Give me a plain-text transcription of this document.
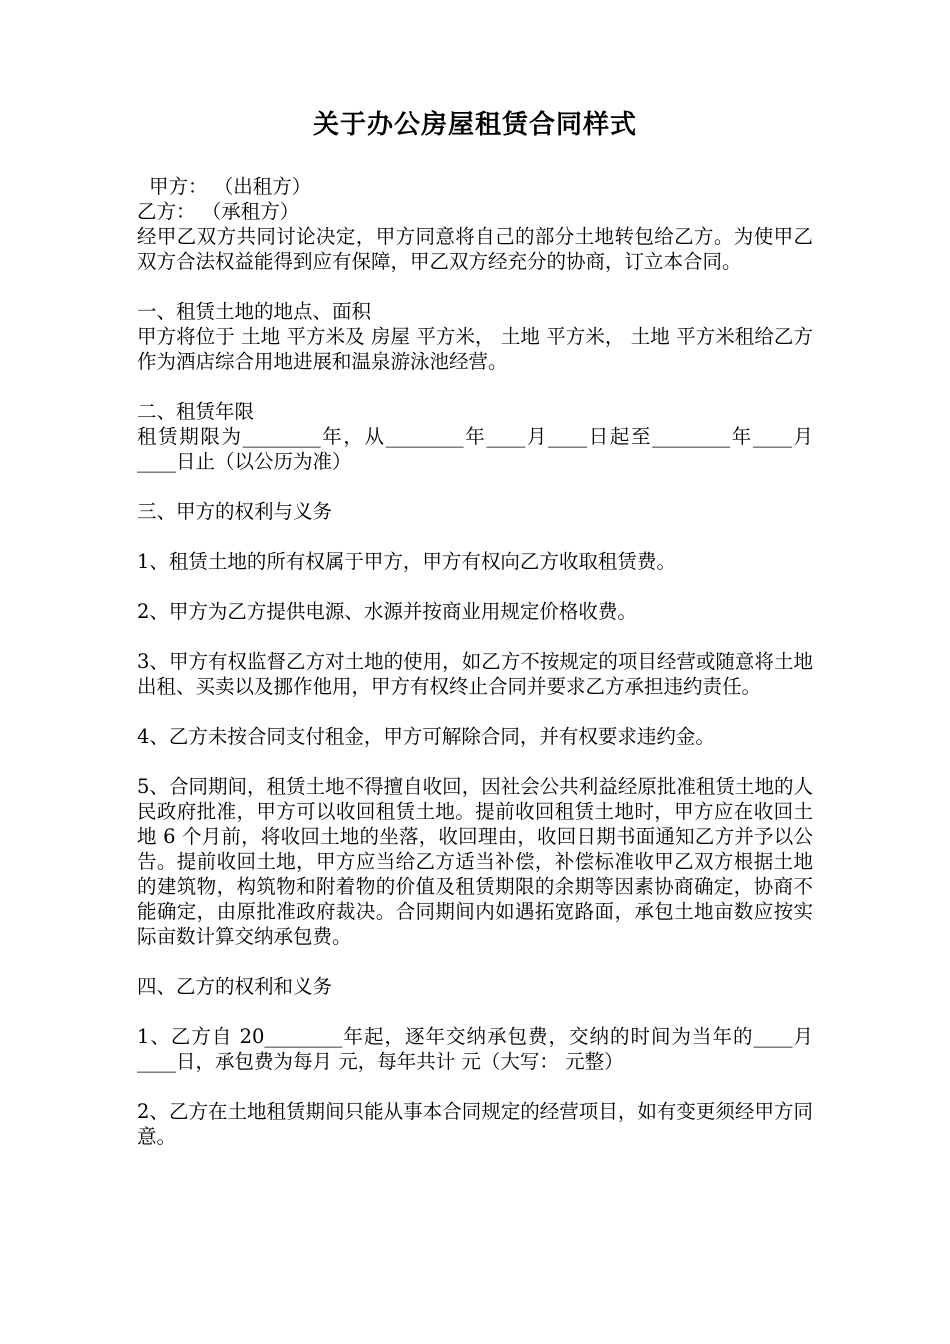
关于办公房屋租赁合同样式

甲方： （出租方）

乙方： （承租方）

经甲乙双方共同讨论决定，甲方同意将自己的部分土地转包给乙方。为使甲乙双方合法权益能得到应有保障，甲乙双方经充分的协商，订立本合同。

一、租赁土地的地点、面积

甲方将位于 土地 平方米及 房屋 平方米， 土地 平方米， 土地 平方米租给乙方作为酒店综合用地进展和温泉游泳池经营。

二、租赁年限

租赁期限为________年，从________年____月____日起至________年____月____日止（以公历为准）

三、甲方的权利与义务

1、租赁土地的所有权属于甲方，甲方有权向乙方收取租赁费。

2、甲方为乙方提供电源、水源并按商业用规定价格收费。

3、甲方有权监督乙方对土地的使用，如乙方不按规定的项目经营或随意将土地出租、买卖以及挪作他用，甲方有权终止合同并要求乙方承担违约责任。

4、乙方未按合同支付租金，甲方可解除合同，并有权要求违约金。

5、合同期间，租赁土地不得擅自收回，因社会公共利益经原批准租赁土地的人民政府批准，甲方可以收回租赁土地。提前收回租赁土地时，甲方应在收回土地 6 个月前，将收回土地的坐落，收回理由，收回日期书面通知乙方并予以公告。提前收回土地，甲方应当给乙方适当补偿，补偿标准收甲乙双方根据土地的建筑物，构筑物和附着物的价值及租赁期限的余期等因素协商确定，协商不能确定，由原批准政府裁决。合同期间内如遇拓宽路面，承包土地亩数应按实际亩数计算交纳承包费。

四、乙方的权利和义务

1、乙方自 20________年起，逐年交纳承包费，交纳的时间为当年的____月____日，承包费为每月 元，每年共计 元（大写： 元整）

2、乙方在土地租赁期间只能从事本合同规定的经营项目，如有变更须经甲方同意。
